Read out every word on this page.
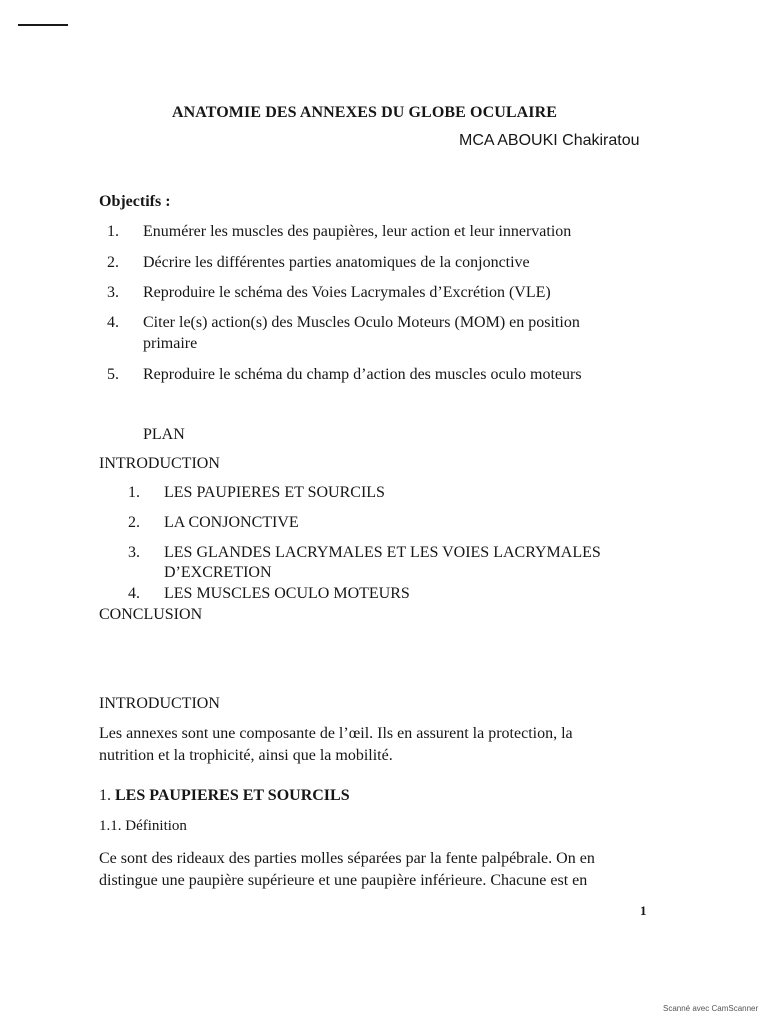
ANATOMIE DES ANNEXES DU GLOBE OCULAIRE
MCA ABOUKI Chakiratou
Objectifs :
1. Enumérer les muscles des paupières, leur action et leur innervation
2. Décrire les différentes parties anatomiques de la conjonctive
3. Reproduire le schéma des Voies Lacrymales d’Excrétion (VLE)
4. Citer le(s) action(s) des Muscles Oculo Moteurs (MOM) en position
primaire
5. Reproduire le schéma du champ d’action des muscles oculo moteurs
PLAN
INTRODUCTION
1. LES PAUPIERES ET SOURCILS
2. LA CONJONCTIVE
3. LES GLANDES LACRYMALES ET LES VOIES LACRYMALES
D’EXCRETION
4. LES MUSCLES OCULO MOTEURS
CONCLUSION
INTRODUCTION
Les annexes sont une composante de l’œil. Ils en assurent la protection, la nutrition et la trophicité, ainsi que la mobilité.
1. LES PAUPIERES ET SOURCILS
1.1. Définition
Ce sont des rideaux des parties molles séparées par la fente palpébrale. On en distingue une paupière supérieure et une paupière inférieure. Chacune est en
1
Scanné avec CamScanner
